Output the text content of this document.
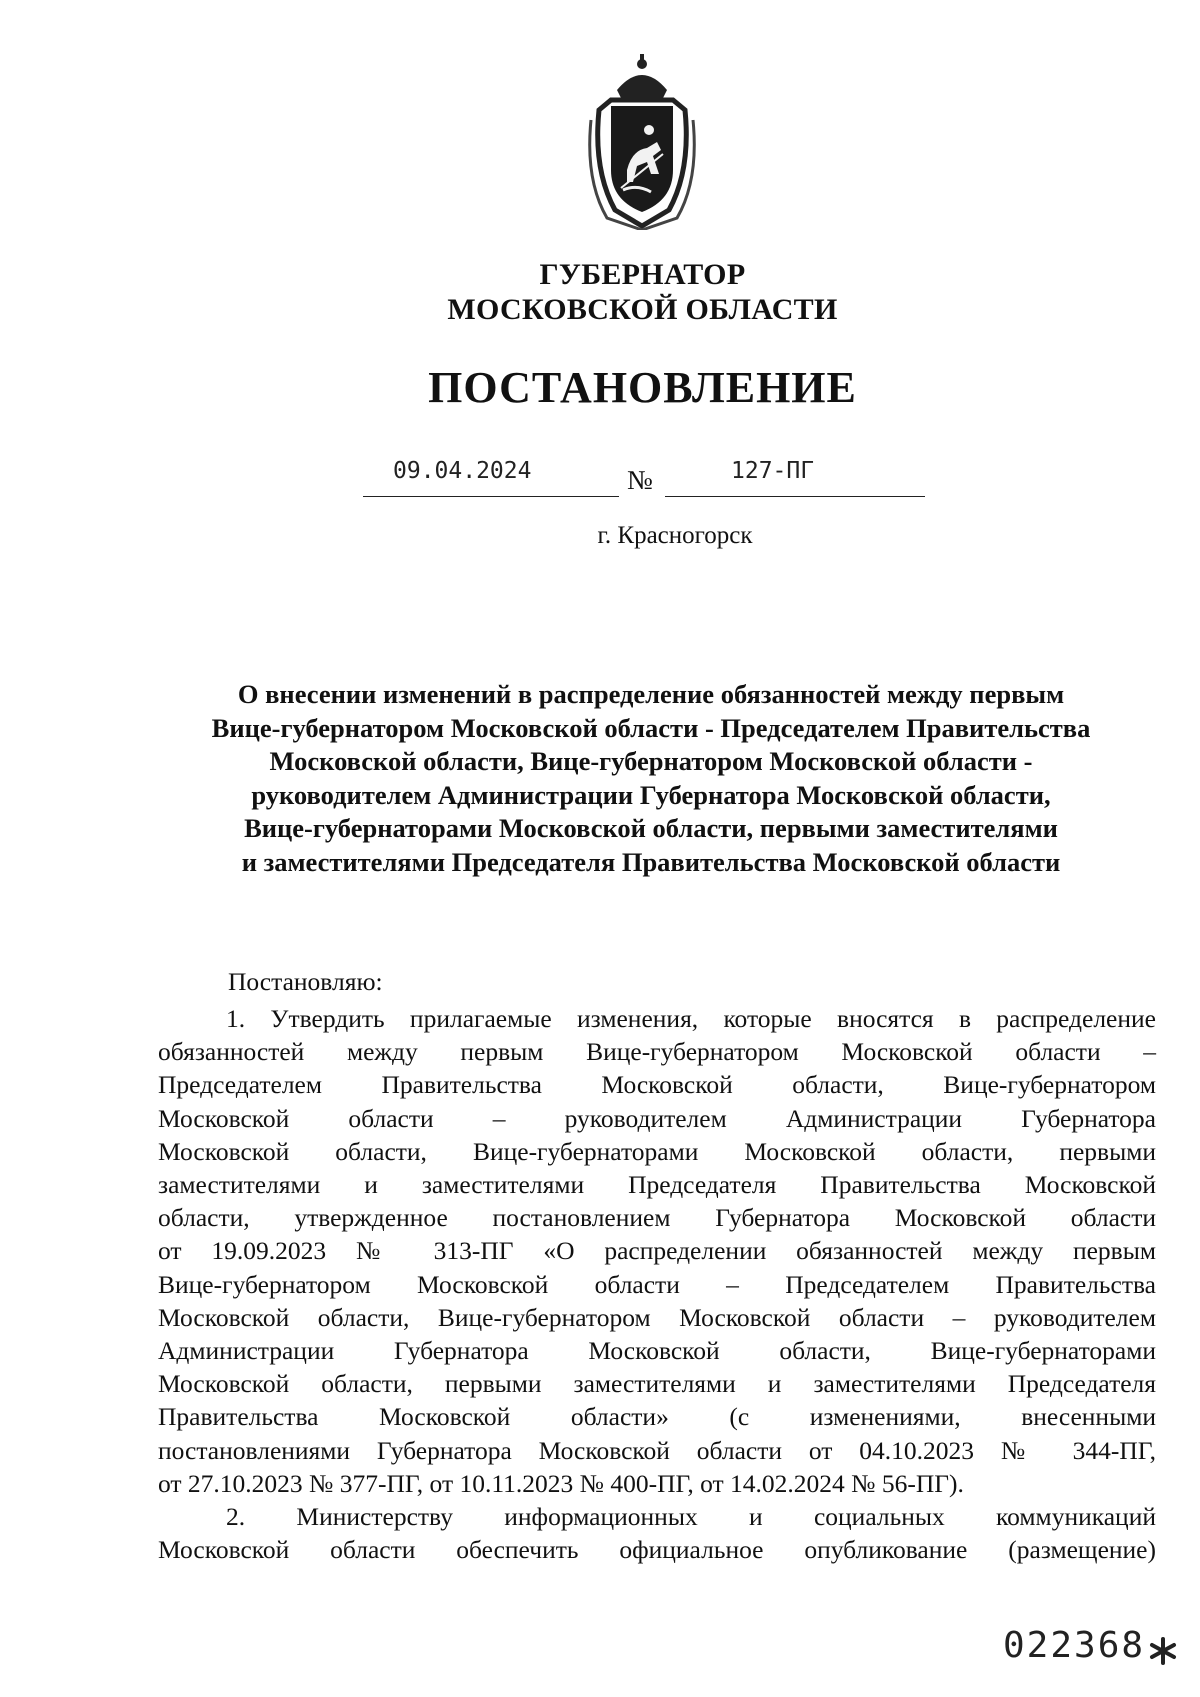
ГУБЕРНАТОР
МОСКОВСКОЙ ОБЛАСТИ
ПОСТАНОВЛЕНИЕ
09.04.2024	№	127-ПГ
г. Красногорск
О внесении изменений в распределение обязанностей между первым
Вице-губернатором Московской области - Председателем Правительства
Московской области, Вице-губернатором Московской области -
руководителем Администрации Губернатора Московской области,
Вице-губернаторами Московской области, первыми заместителями
и заместителями Председателя Правительства Московской области
Постановляю:
1. Утвердить прилагаемые изменения, которые вносятся в распределение
обязанностей между первым Вице-губернатором Московской области –
Председателем Правительства Московской области, Вице-губернатором
Московской области – руководителем Администрации Губернатора
Московской области, Вице-губернаторами Московской области, первыми
заместителями и заместителями Председателя Правительства Московской
области, утвержденное постановлением Губернатора Московской области
от 19.09.2023 № 313-ПГ «О распределении обязанностей между первым
Вице-губернатором Московской области – Председателем Правительства
Московской области, Вице-губернатором Московской области – руководителем
Администрации Губернатора Московской области, Вице-губернаторами
Московской области, первыми заместителями и заместителями Председателя
Правительства Московской области» (с изменениями, внесенными
постановлениями Губернатора Московской области от 04.10.2023 № 344-ПГ,
от 27.10.2023 № 377-ПГ, от 10.11.2023 № 400-ПГ, от 14.02.2024 № 56-ПГ).
2. Министерству информационных и социальных коммуникаций
Московской области обеспечить официальное опубликование (размещение)
022368
